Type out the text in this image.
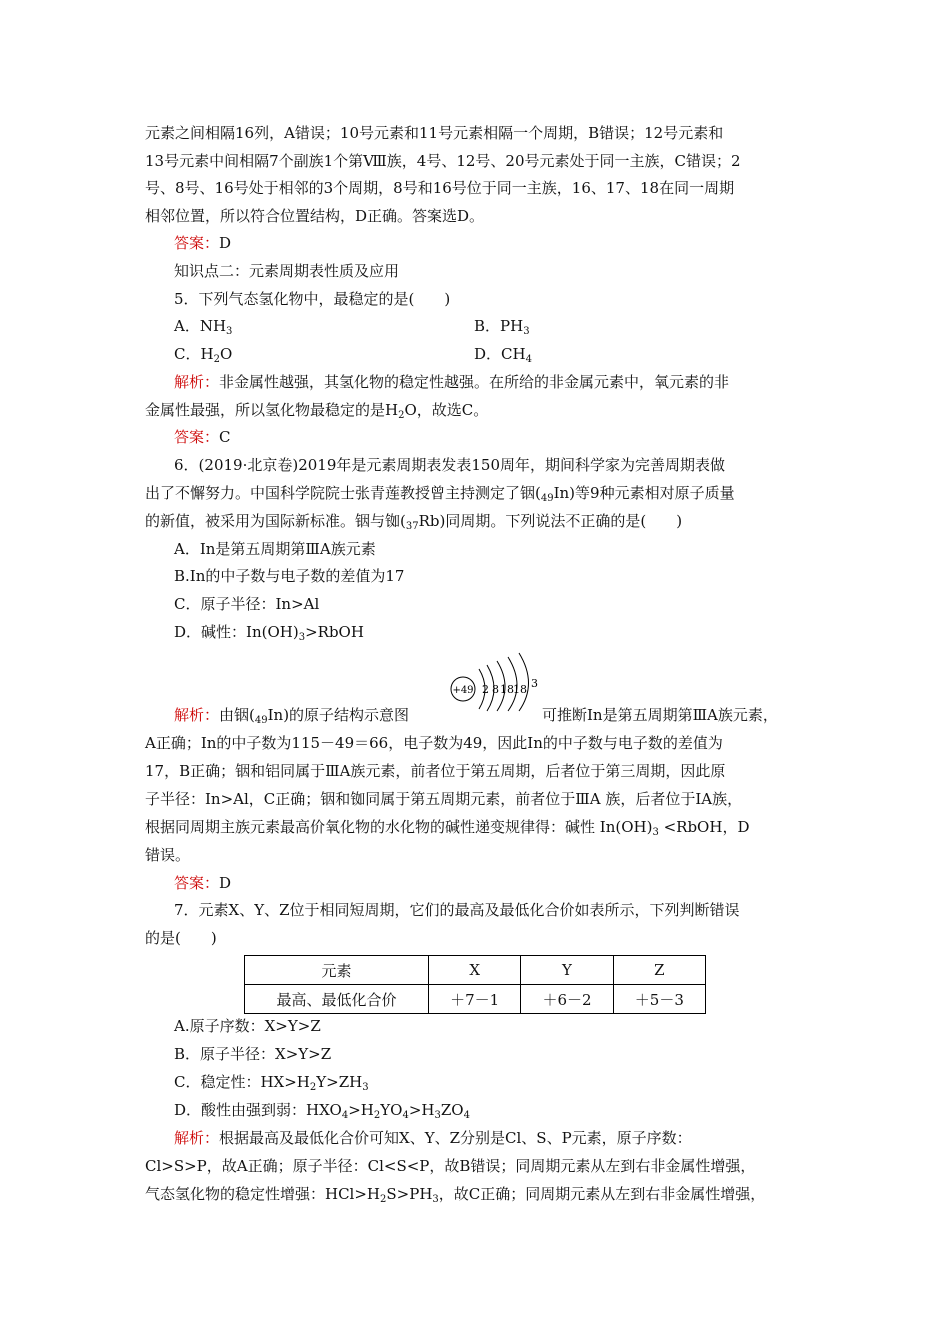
元素之间相隔16列，A错误；10号元素和11号元素相隔一个周期，B错误；12号元素和
13号元素中间相隔7个副族1个第Ⅷ族，4号、12号、20号元素处于同一主族，C错误；2
号、8号、16号处于相邻的3个周期，8号和16号位于同一主族，16、17、18在同一周期
相邻位置，所以符合位置结构，D正确。答案选D。
答案：D
知识点二：元素周期表性质及应用
5．下列气态氢化物中，最稳定的是(　　)
A．$NH_3$	B．$PH_3$
C．$H_2O$	D．$CH_4$
解析：非金属性越强，其氢化物的稳定性越强。在所给的非金属元素中，氧元素的非
金属性最强，所以氢化物最稳定的是$H_2O$，故选C。
答案：C
6．(2019·北京卷)2019年是元素周期表发表150周年，期间科学家为完善周期表做
出了不懈努力。中国科学院院士张青莲教授曾主持测定了铟$(_{49}In)$等9种元素相对原子质量
的新值，被采用为国际新标准。铟与铷$(_{37}Rb)$同周期。下列说法不正确的是(　　)
A．In是第五周期第ⅢA族元素
B.In的中子数与电子数的差值为17
C．原子半径：In>Al
D．碱性：$In(OH)_3>RbOH$
+49 2 8 18 18 3
解析：由铟$(_{49}In)$的原子结构示意图	可推断In是第五周期第ⅢA族元素，
A正确；In的中子数为115－49＝66，电子数为49，因此In的中子数与电子数的差值为
17，B正确；铟和铝同属于ⅢA族元素，前者位于第五周期，后者位于第三周期，因此原
子半径：In>Al，C正确；铟和铷同属于第五周期元素，前者位于ⅢA 族，后者位于ⅠA族，
根据同周期主族元素最高价氧化物的水化物的碱性递变规律得：碱性 $In(OH)_3$ <RbOH，D
错误。
答案：D
7．元素X、Y、Z位于相同短周期，它们的最高及最低化合价如表所示，下列判断错误
的是(　　)
元素	X	Y	Z
最高、最低化合价	＋7－1	＋6－2	＋5－3
A.原子序数：X>Y>Z
B．原子半径：X>Y>Z
C．稳定性：$HX>H_2Y>ZH_3$
D．酸性由强到弱：$HXO_4>H_2YO_4>H_3ZO_4$
解析：根据最高及最低化合价可知X、Y、Z分别是Cl、S、P元素，原子序数：
Cl>S>P，故A正确；原子半径：Cl<S<P，故B错误；同周期元素从左到右非金属性增强，
气态氢化物的稳定性增强：$HCl>H_2S>PH_3$，故C正确；同周期元素从左到右非金属性增强，
